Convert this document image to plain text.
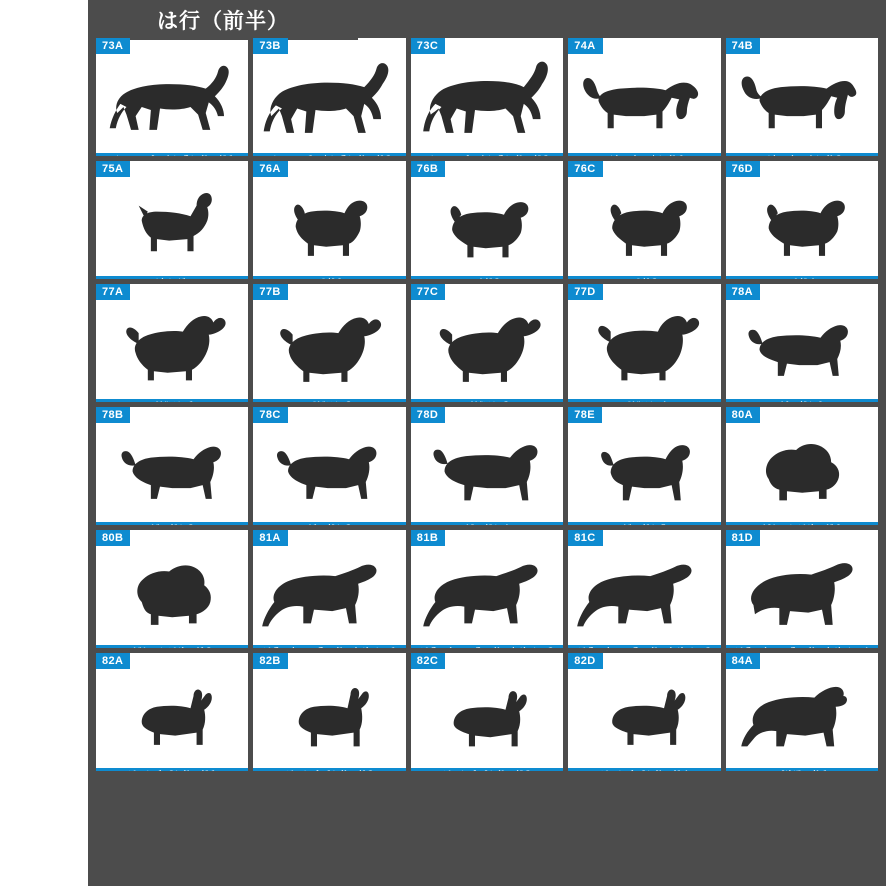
73A	73B	73C	74A	74B
75A	76A	76B	76C	76D
77A	77B	77C	77D	78A
78B	78C	78D	78E	80A
80B	81A	81B	81C	81D
82A	82B	82C	82D	84A
は行（前半）
